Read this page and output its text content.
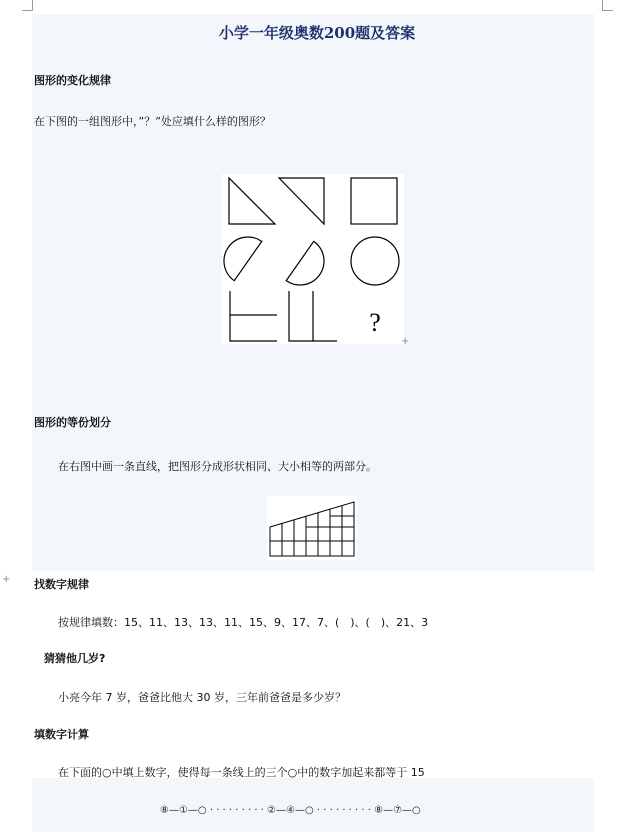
小学一年级奥数200题及答案
图形的变化规律
在下图的一组图形中，”？”处应填什么样的图形？
?
+
图形的等份划分
在右图中画一条直线，把图形分成形状相同、大小相等的两部分。
找数字规律
+
按规律填数：15、11、13、13、11、15、9、17、7、(　)、(　)、21、3
猜猜他几岁?
小亮今年 7 岁，爸爸比他大 30 岁，三年前爸爸是多少岁？
填数字计算
在下面的○中填上数字，使得每一条线上的三个○中的数字加起来都等于 15
⑧—①—○ · · · · · · · · · ②—④—○ · · · · · · · · · ⑧—⑦—○
